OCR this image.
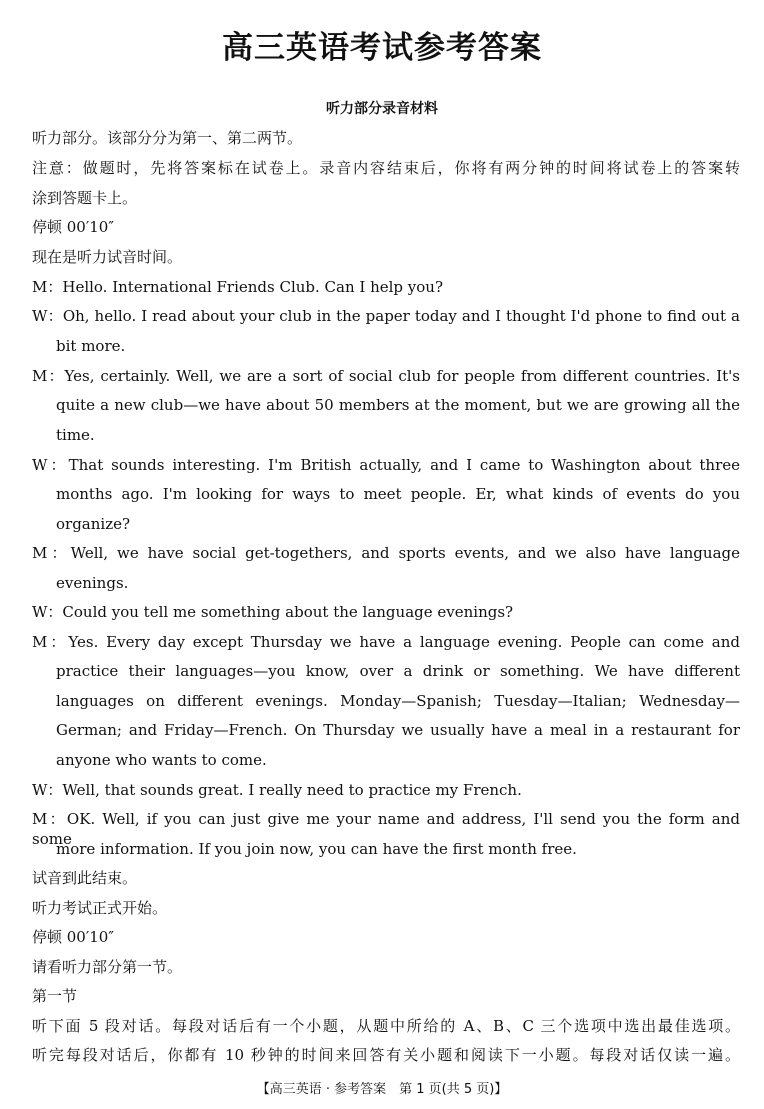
高三英语考试参考答案
听力部分录音材料
听力部分。该部分分为第一、第二两节。
注意：做题时，先将答案标在试卷上。录音内容结束后，你将有两分钟的时间将试卷上的答案转
涂到答题卡上。
停顿 00′10″
现在是听力试音时间。
M：Hello. International Friends Club. Can I help you?
W：Oh, hello. I read about your club in the paper today and I thought I'd phone to find out a
bit more.
M：Yes, certainly. Well, we are a sort of social club for people from different countries. It's
quite a new club—we have about 50 members at the moment, but we are growing all the
time.
W：That sounds interesting. I'm British actually, and I came to Washington about three
months ago. I'm looking for ways to meet people. Er, what kinds of events do you
organize?
M：Well, we have social get-togethers, and sports events, and we also have language
evenings.
W：Could you tell me something about the language evenings?
M：Yes. Every day except Thursday we have a language evening. People can come and
practice their languages—you know, over a drink or something. We have different
languages on different evenings. Monday—Spanish; Tuesday—Italian; Wednesday—
German; and Friday—French. On Thursday we usually have a meal in a restaurant for
anyone who wants to come.
W：Well, that sounds great. I really need to practice my French.
M：OK. Well, if you can just give me your name and address, I'll send you the form and some
more information. If you join now, you can have the first month free.
试音到此结束。
听力考试正式开始。
停顿 00′10″
请看听力部分第一节。
第一节
听下面 5 段对话。每段对话后有一个小题，从题中所给的 A、B、C 三个选项中选出最佳选项。
听完每段对话后，你都有 10 秒钟的时间来回答有关小题和阅读下一小题。每段对话仅读一遍。
【高三英语 · 参考答案　第 1 页(共 5 页)】
